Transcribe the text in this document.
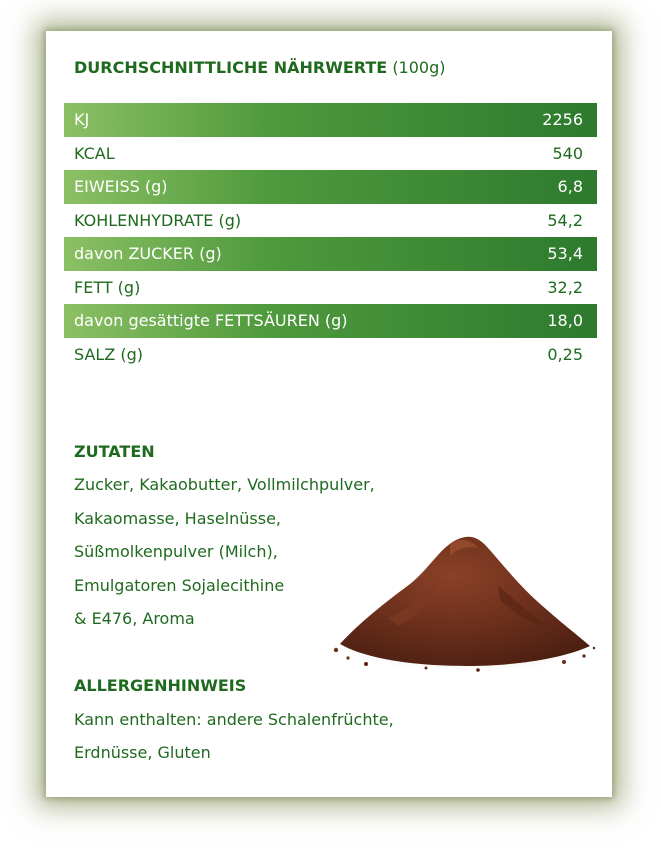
DURCHSCHNITTLICHE NÄHRWERTE (100g)
KJ	2256
KCAL	540
EIWEISS (g)	6,8
KOHLENHYDRATE (g)	54,2
davon ZUCKER (g)	53,4
FETT (g)	32,2
davon gesättigte FETTSÄUREN (g)	18,0
SALZ (g)	0,25
ZUTATEN
Zucker, Kakaobutter, Vollmilchpulver,
Kakaomasse, Haselnüsse,
Süßmolkenpulver (Milch),
Emulgatoren Sojalecithine
& E476, Aroma
ALLERGENHINWEIS
Kann enthalten: andere Schalenfrüchte,
Erdnüsse, Gluten
